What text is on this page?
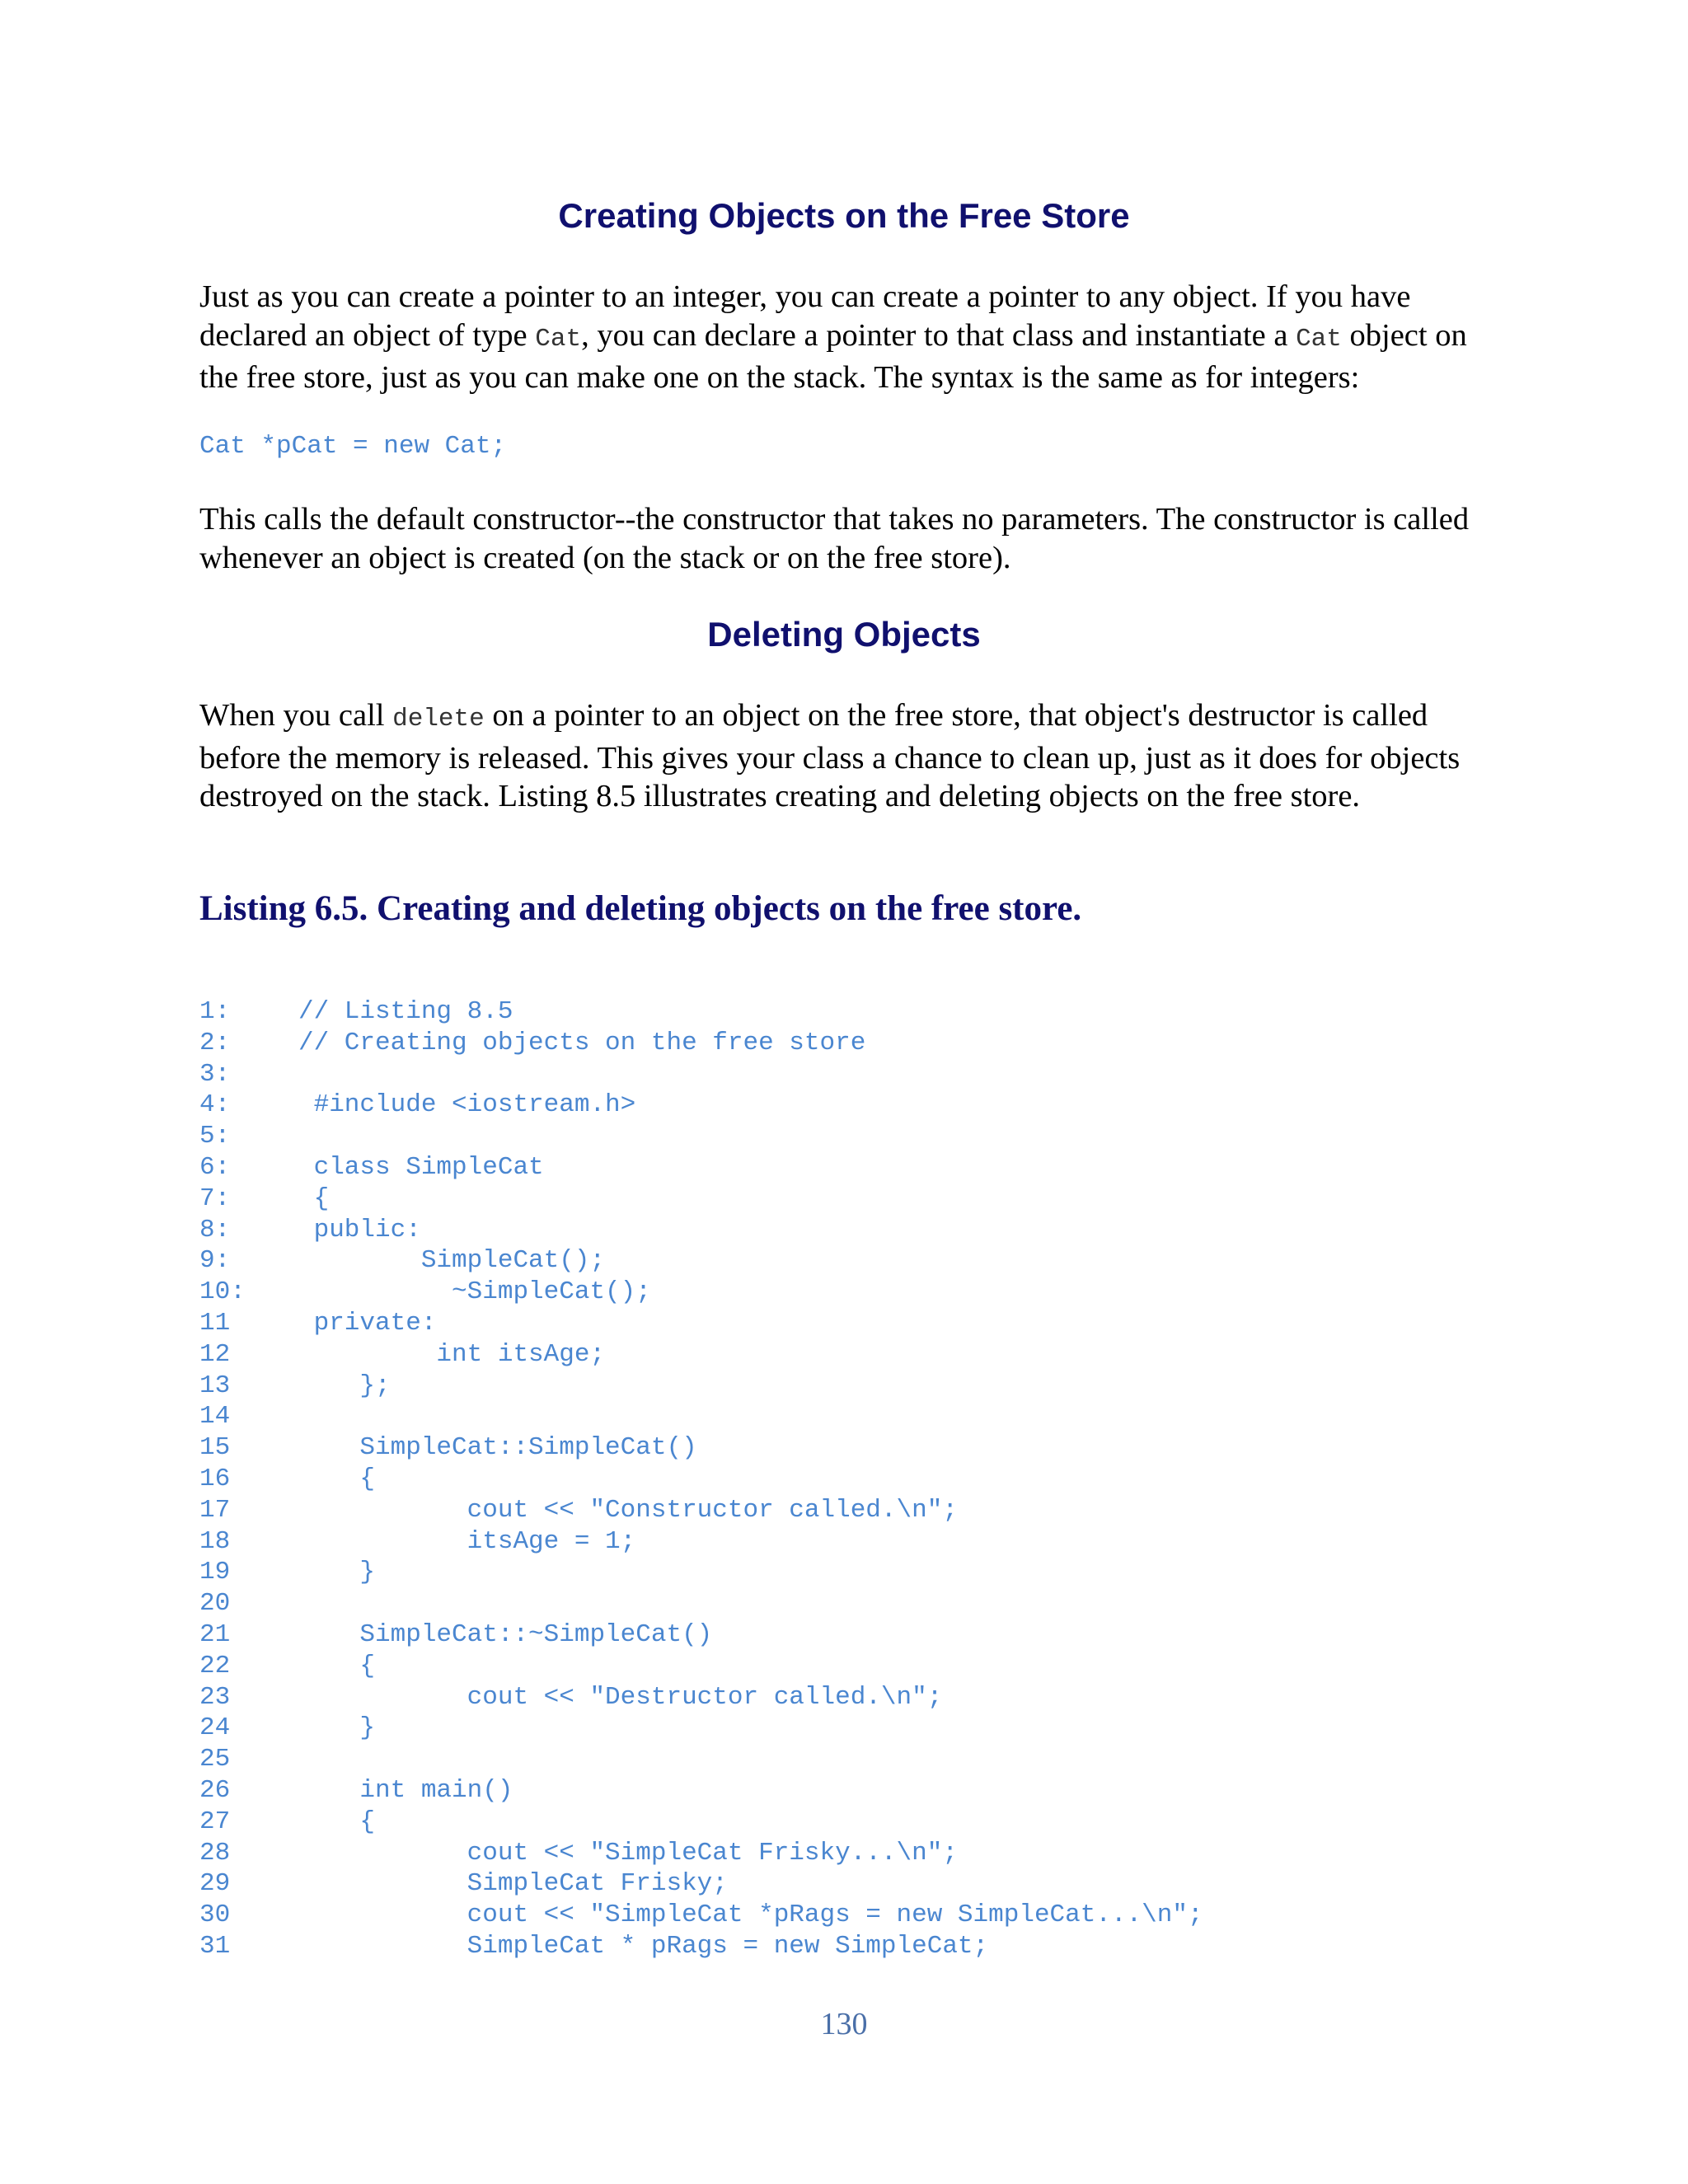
Creating Objects on the Free Store

Just as you can create a pointer to an integer, you can create a pointer to any object. If you have declared an object of type Cat, you can declare a pointer to that class and instantiate a Cat object on the free store, just as you can make one on the stack. The syntax is the same as for integers:

Cat *pCat = new Cat;

This calls the default constructor--the constructor that takes no parameters. The constructor is called whenever an object is created (on the stack or on the free store).

Deleting Objects

When you call delete on a pointer to an object on the free store, that object's destructor is called before the memory is released. This gives your class a chance to clean up, just as it does for objects destroyed on the stack. Listing 8.5 illustrates creating and deleting objects on the free store.

Listing 6.5. Creating and deleting objects on the free store.
1:	// Listing 8.5
2:	// Creating objects on the free store
3:
4:	#include <iostream.h>
5:
6:	class SimpleCat
7:	{
8:	public:
9:	SimpleCat();
10:          ~SimpleCat();
11	private:
12	int itsAge;
13	};
14
15	SimpleCat::SimpleCat()
16	{
17	cout << "Constructor called.\n";
18	itsAge = 1;
19	}
20
21	SimpleCat::~SimpleCat()
22	{
23	cout << "Destructor called.\n";
24	}
25
26	int main()
27	{
28	cout << "SimpleCat Frisky...\n";
29	SimpleCat Frisky;
30	cout << "SimpleCat *pRags = new SimpleCat...\n";
31	SimpleCat * pRags = new SimpleCat;
130
